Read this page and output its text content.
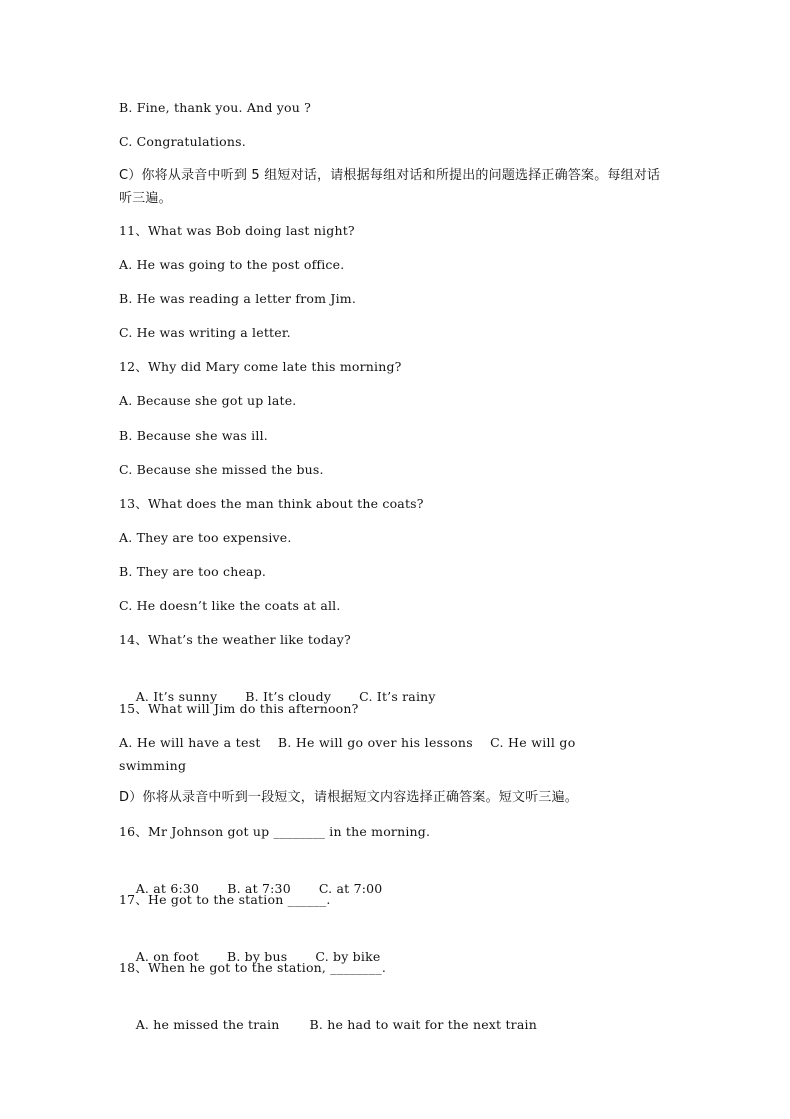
B. Fine, thank you. And you ?
C. Congratulations.
C）你将从录音中听到 5 组短对话，请根据每组对话和所提出的问题选择正确答案。每组对话听三遍。
11、What was Bob doing last night?
A. He was going to the post office.
B. He was reading a letter from Jim.
C. He was writing a letter.
12、Why did Mary come late this morning?
A. Because she got up late.
B. Because she was ill.
C. Because she missed the bus.
13、What does the man think about the coats?
A. They are too expensive.
B. They are too cheap.
C. He doesn’t like the coats at all.
14、What’s the weather like today?

A. It’s sunny B. It’s cloudy C. It’s rainy

15、What will Jim do this afternoon?
A. He will have a test B. He will go over his lessons C. He will go swimming
D）你将从录音中听到一段短文，请根据短文内容选择正确答案。短文听三遍。
16、Mr Johnson got up ________ in the morning.

A. at 6:30 B. at 7:30 C. at 7:00

17、He got to the station ______.

A. on foot B. by bus C. by bike

18、When he got to the station, ________.

A. he missed the train B. he had to wait for the next train
